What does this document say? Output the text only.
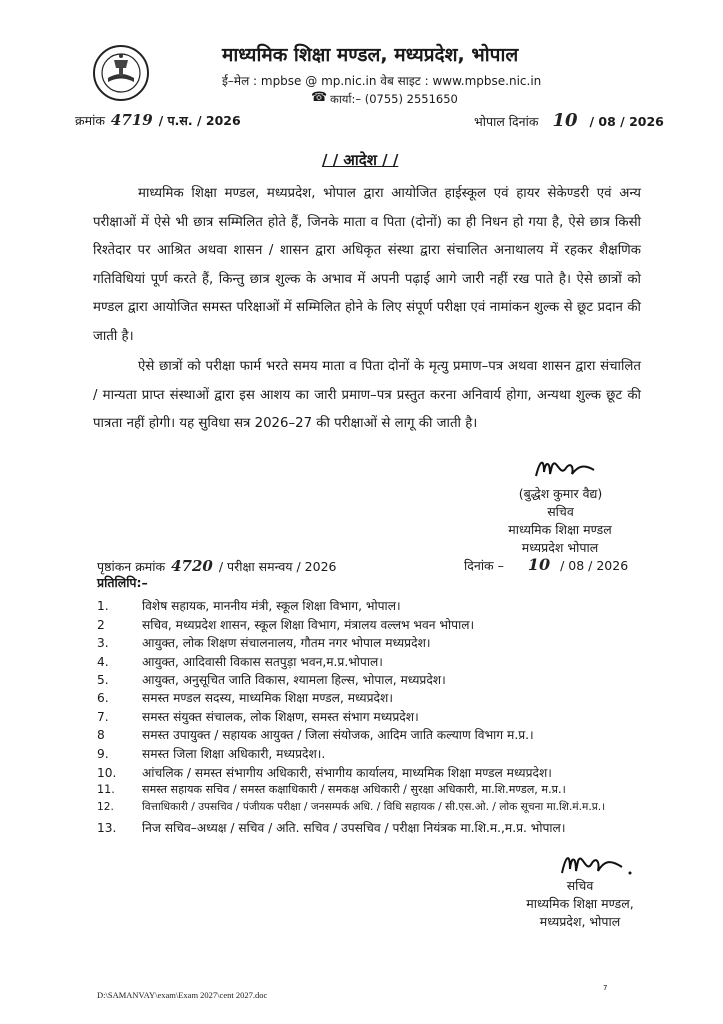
माध्यमिक शिक्षा मण्डल, मध्यप्रदेश, भोपाल
ई–मेल : mpbse @ mp.nic.in वेब साइट : www.mpbse.nic.in
☎ कार्या:– (0755) 2551650
क्रमांक 4719 / प.स. / 2026	भोपाल दिनांक 10 / 08 / 2026
/ / आदेश / /
माध्यमिक शिक्षा मण्डल, मध्यप्रदेश, भोपाल द्वारा आयोजित हाईस्कूल एवं हायर सेकेण्डरी एवं अन्य परीक्षाओं में ऐसे भी छात्र सम्मिलित होते हैं, जिनके माता व पिता (दोनों) का ही निधन हो गया है, ऐसे छात्र किसी रिश्तेदार पर आश्रित अथवा शासन / शासन द्वारा अधिकृत संस्था द्वारा संचालित अनाथालय में रहकर शैक्षणिक गतिविधियां पूर्ण करते हैं, किन्तु छात्र शुल्क के अभाव में अपनी पढ़ाई आगे जारी नहीं रख पाते है। ऐसे छात्रों को मण्डल द्वारा आयोजित समस्त परिक्षाओं में सम्मिलित होने के लिए संपूर्ण परीक्षा एवं नामांकन शुल्क से छूट प्रदान की जाती है।
ऐसे छात्रों को परीक्षा फार्म भरते समय माता व पिता दोनों के मृत्यु प्रमाण–पत्र अथवा शासन द्वारा संचालित / मान्यता प्राप्त संस्थाओं द्वारा इस आशय का जारी प्रमाण–पत्र प्रस्तुत करना अनिवार्य होगा, अन्यथा शुल्क छूट की पात्रता नहीं होगी। यह सुविधा सत्र 2026–27 की परीक्षाओं से लागू की जाती है।
(बुद्धेश कुमार वैद्य)
सचिव
माध्यमिक शिक्षा मण्डल
मध्यप्रदेश भोपाल
पृष्ठांकन क्रमांक 4720 / परीक्षा समन्वय / 2026	दिनांक – 10 / 08 / 2026
प्रतिलिपि:–
1.	विशेष सहायक, माननीय मंत्री, स्कूल शिक्षा विभाग, भोपाल।
2	सचिव, मध्यप्रदेश शासन, स्कूल शिक्षा विभाग, मंत्रालय वल्लभ भवन भोपाल।
3.	आयुक्त, लोक शिक्षण संचालनालय, गौतम नगर भोपाल मध्यप्रदेश।
4.	आयुक्त, आदिवासी विकास सतपुड़ा भवन,म.प्र.भोपाल।
5.	आयुक्त, अनुसूचित जाति विकास, श्यामला हिल्स, भोपाल, मध्यप्रदेश।
6.	समस्त मण्डल सदस्य, माध्यमिक शिक्षा मण्डल, मध्यप्रदेश।
7.	समस्त संयुक्त संचालक, लोक शिक्षण, समस्त संभाग मध्यप्रदेश।
8	समस्त उपायुक्त / सहायक आयुक्त / जिला संयोजक, आदिम जाति कल्याण विभाग म.प्र.।
9.	समस्त जिला शिक्षा अधिकारी, मध्यप्रदेश।.
10. आंचलिक / समस्त संभागीय अधिकारी, संभागीय कार्यालय, माध्यमिक शिक्षा मण्डल मध्यप्रदेश।
11. समस्त सहायक सचिव / समस्त कक्षाधिकारी / समकक्ष अधिकारी / सुरक्षा अधिकारी, मा.शि.मण्डल, म.प्र.।
12.	वित्ताधिकारी / उपसचिव / पंजीयक परीक्षा / जनसम्पर्क अधि. / विधि सहायक / सी.एस.ओ. / लोक सूचना मा.शि.मं.म.प्र.।
13. निज सचिव–अध्यक्ष / सचिव / अति. सचिव / उपसचिव / परीक्षा नियंत्रक मा.शि.म.,म.प्र. भोपाल।
सचिव
माध्यमिक शिक्षा मण्डल,
मध्यप्रदेश, भोपाल
D:\SAMANVAY\exam\Exam 2027\cent 2027.doc
7
